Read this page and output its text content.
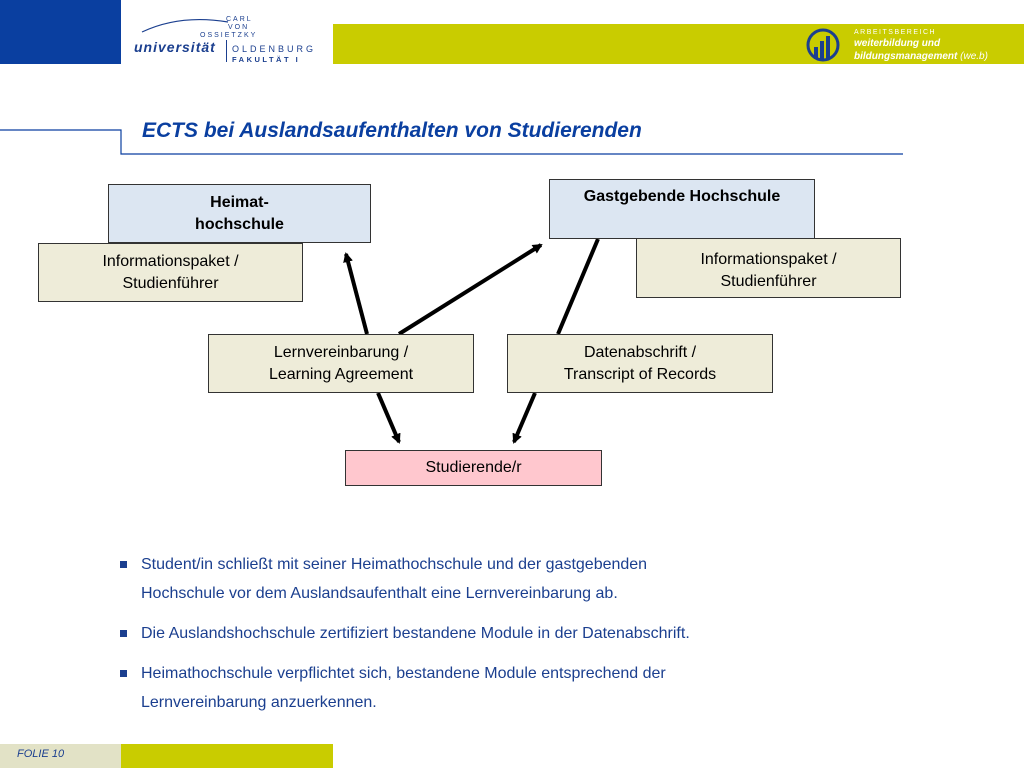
CARL
VON
OSSIETZKY
universität OLDENBURG
FAKULTÄT I
ARBEITSBEREICH
weiterbildung und
bildungsmanagement (we.b)
ECTS bei Auslandsaufenthalten von Studierenden
Heimat-
hochschule
Gastgebende Hochschule
Informationspaket /
Studienführer
Informationspaket /
Studienführer
Lernvereinbarung /
Learning Agreement
Datenabschrift /
Transcript of Records
Studierende/r
Student/in schließt mit seiner Heimathochschule und der gastgebenden
Hochschule vor dem Auslandsaufenthalt eine Lernvereinbarung ab.
Die Auslandshochschule zertifiziert bestandene Module in der Datenabschrift.
Heimathochschule verpflichtet sich, bestandene Module entsprechend der
Lernvereinbarung anzuerkennen.
FOLIE 10
